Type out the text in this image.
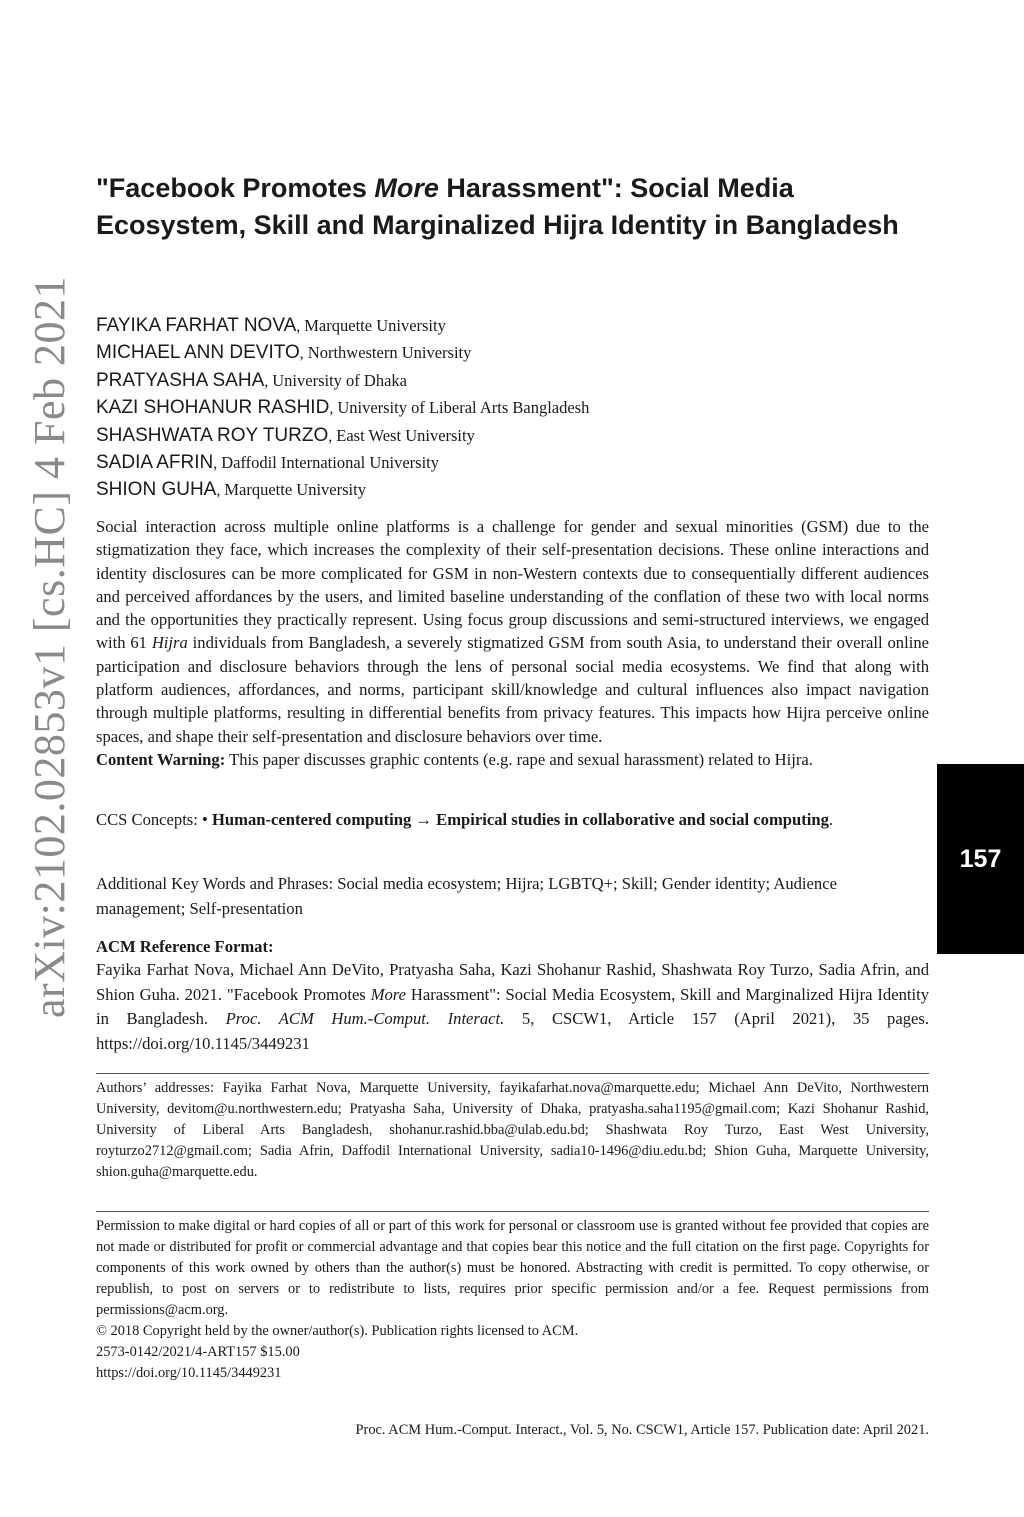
arXiv:2102.02853v1 [cs.HC] 4 Feb 2021
"Facebook Promotes More Harassment": Social Media Ecosystem, Skill and Marginalized Hijra Identity in Bangladesh
FAYIKA FARHAT NOVA, Marquette University
MICHAEL ANN DEVITO, Northwestern University
PRATYASHA SAHA, University of Dhaka
KAZI SHOHANUR RASHID, University of Liberal Arts Bangladesh
SHASHWATA ROY TURZO, East West University
SADIA AFRIN, Daffodil International University
SHION GUHA, Marquette University

Social interaction across multiple online platforms is a challenge for gender and sexual minorities (GSM) due to the stigmatization they face, which increases the complexity of their self-presentation decisions. These online interactions and identity disclosures can be more complicated for GSM in non-Western contexts due to consequentially different audiences and perceived affordances by the users, and limited baseline understanding of the conflation of these two with local norms and the opportunities they practically represent. Using focus group discussions and semi-structured interviews, we engaged with 61 Hijra individuals from Bangladesh, a severely stigmatized GSM from south Asia, to understand their overall online participation and disclosure behaviors through the lens of personal social media ecosystems. We find that along with platform audiences, affordances, and norms, participant skill/knowledge and cultural influences also impact navigation through multiple platforms, resulting in differential benefits from privacy features. This impacts how Hijra perceive online spaces, and shape their self-presentation and disclosure behaviors over time.

Content Warning: This paper discusses graphic contents (e.g. rape and sexual harassment) related to Hijra.

CCS Concepts: • Human-centered computing → Empirical studies in collaborative and social computing.

Additional Key Words and Phrases: Social media ecosystem; Hijra; LGBTQ+; Skill; Gender identity; Audience management; Self-presentation

ACM Reference Format:

Fayika Farhat Nova, Michael Ann DeVito, Pratyasha Saha, Kazi Shohanur Rashid, Shashwata Roy Turzo, Sadia Afrin, and Shion Guha. 2021. "Facebook Promotes More Harassment": Social Media Ecosystem, Skill and Marginalized Hijra Identity in Bangladesh. Proc. ACM Hum.-Comput. Interact. 5, CSCW1, Article 157 (April 2021), 35 pages. https://doi.org/10.1145/3449231

Authors’ addresses: Fayika Farhat Nova, Marquette University, fayikafarhat.nova@marquette.edu; Michael Ann DeVito, Northwestern University, devitom@u.northwestern.edu; Pratyasha Saha, University of Dhaka, pratyasha.saha1195@gmail.com; Kazi Shohanur Rashid, University of Liberal Arts Bangladesh, shohanur.rashid.bba@ulab.edu.bd; Shashwata Roy Turzo, East West University, royturzo2712@gmail.com; Sadia Afrin, Daffodil International University, sadia10-1496@diu.edu.bd; Shion Guha, Marquette University, shion.guha@marquette.edu.

Permission to make digital or hard copies of all or part of this work for personal or classroom use is granted without fee provided that copies are not made or distributed for profit or commercial advantage and that copies bear this notice and the full citation on the first page. Copyrights for components of this work owned by others than the author(s) must be honored. Abstracting with credit is permitted. To copy otherwise, or republish, to post on servers or to redistribute to lists, requires prior specific permission and/or a fee. Request permissions from permissions@acm.org.

© 2018 Copyright held by the owner/author(s). Publication rights licensed to ACM.

2573-0142/2021/4-ART157 $15.00

https://doi.org/10.1145/3449231

Proc. ACM Hum.-Comput. Interact., Vol. 5, No. CSCW1, Article 157. Publication date: April 2021.

157
